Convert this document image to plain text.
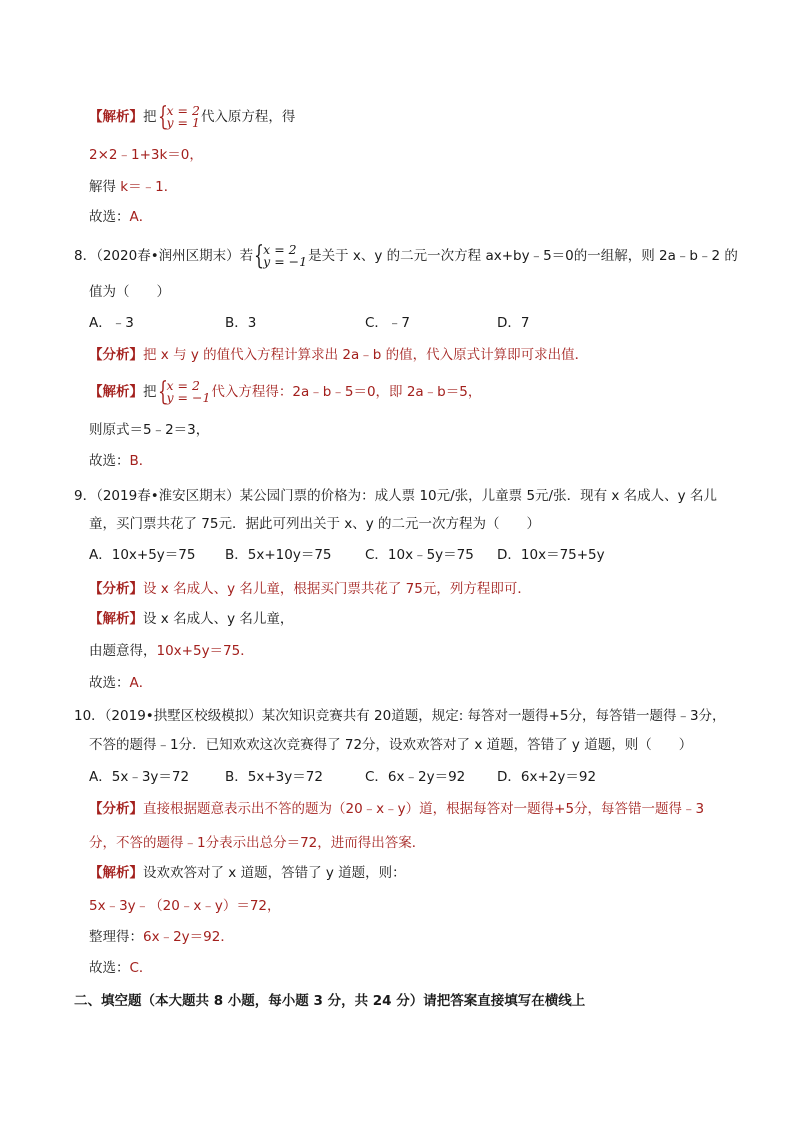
【解析】把 { x = 2
y = 1 代入原方程，得
2×2﹣1+3k＝0，
解得 k＝﹣1．
故选：A．
8．（2020春•润州区期末）若 { x = 2
y = −1 是关于 x、y 的二元一次方程 ax+by﹣5＝0的一组解，则 2a﹣b﹣2 的
值为（　　）
A．﹣3	B．3	C．﹣7	D．7
【分析】把 x 与 y 的值代入方程计算求出 2a﹣b 的值，代入原式计算即可求出值．
【解析】把 { x = 2
y = −1 代入方程得：2a﹣b﹣5＝0，即 2a﹣b＝5，
则原式＝5﹣2＝3，
故选：B．
9．（2019春•淮安区期末）某公园门票的价格为：成人票 10元/张，儿童票 5元/张．现有 x 名成人、y 名儿
童，买门票共花了 75元．据此可列出关于 x、y 的二元一次方程为（　　）
A．10x+5y＝75 B．5x+10y＝75 C．10x﹣5y＝75 D．10x＝75+5y
【分析】设 x 名成人、y 名儿童，根据买门票共花了 75元，列方程即可．
【解析】设 x 名成人、y 名儿童，
由题意得，10x+5y＝75．
故选：A．
10．（2019•拱墅区校级模拟）某次知识竞赛共有 20道题，规定: 每答对一题得+5分，每答错一题得﹣3分，
不答的题得﹣1分．已知欢欢这次竞赛得了 72分，设欢欢答对了 x 道题，答错了 y 道题，则（　　）
A．5x﹣3y＝72	B．5x+3y＝72	C．6x﹣2y＝92 D．6x+2y＝92
【分析】直接根据题意表示出不答的题为（20﹣x﹣y）道，根据每答对一题得+5分，每答错一题得﹣3
分，不答的题得﹣1分表示出总分＝72，进而得出答案．
【解析】设欢欢答对了 x 道题，答错了 y 道题，则：
5x﹣3y﹣（20﹣x﹣y）＝72，
整理得：6x﹣2y＝92．
故选：C．
二、填空题（本大题共 8 小题，每小题 3 分，共 24 分）请把答案直接填写在横线上
